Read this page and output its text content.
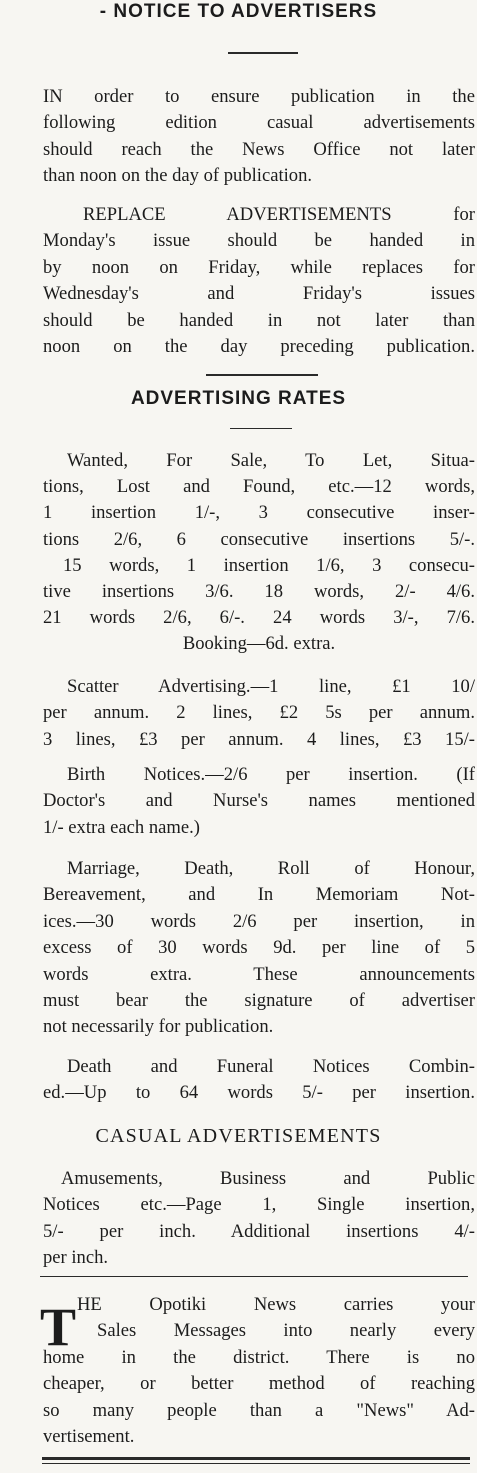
- NOTICE TO ADVERTISERS
IN order to ensure publication in the
following edition casual advertisements
should reach the News Office not later
than noon on the day of publication.
REPLACE ADVERTISEMENTS for
Monday's issue should be handed in
by noon on Friday, while replaces for
Wednesday's and Friday's issues
should be handed in not later than
noon on the day preceding publication.
ADVERTISING RATES
Wanted, For Sale, To Let, Situa-
tions, Lost and Found, etc.—12 words,
1 insertion 1/-, 3 consecutive inser-
tions 2/6, 6 consecutive insertions 5/-.
15 words, 1 insertion 1/6, 3 consecu-
tive insertions 3/6. 18 words, 2/- 4/6.
21 words 2/6, 6/-. 24 words 3/-, 7/6.
Booking—6d. extra.
Scatter Advertising.—1 line, £1 10/
per annum. 2 lines, £2 5s per annum.
3 lines, £3 per annum. 4 lines, £3 15/-
Birth Notices.—2/6 per insertion. (If
Doctor's and Nurse's names mentioned
1/- extra each name.)
Marriage, Death, Roll of Honour,
Bereavement, and In Memoriam Not-
ices.—30 words 2/6 per insertion, in
excess of 30 words 9d. per line of 5
words extra. These announcements
must bear the signature of advertiser
not necessarily for publication.
Death and Funeral Notices Combin-
ed.—Up to 64 words 5/- per insertion.
CASUAL ADVERTISEMENTS
Amusements, Business and Public
Notices etc.—Page 1, Single insertion,
5/- per inch. Additional insertions 4/-
per inch.
T HE Opotiki News carries your
Sales Messages into nearly every
home in the district. There is no
cheaper, or better method of reaching
so many people than a "News" Ad-
vertisement.
